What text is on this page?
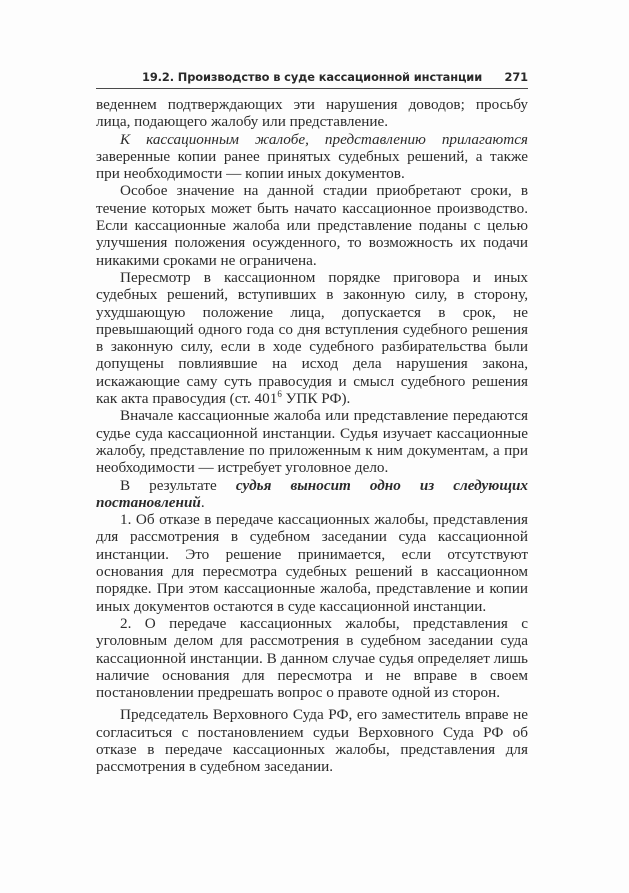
19.2. Производство в суде кассационной инстанции 271

веденнем подтверждающих эти нарушения доводов; просьбу лица, подающего жалобу или представление.

К кассационным жалобе, представлению прилагаются заверенные копии ранее принятых судебных решений, а также при необходимости — копии иных документов.

Особое значение на данной стадии приобретают сроки, в течение которых может быть начато кассационное производство. Если кассационные жалоба или представление поданы с целью улучшения положения осужденного, то возможность их подачи никакими сроками не ограничена.

Пересмотр в кассационном порядке приговора и иных судебных решений, вступивших в законную силу, в сторону, ухудшающую положение лица, допускается в срок, не превышающий одного года со дня вступления судебного решения в законную силу, если в ходе судебного разбирательства были допущены повлиявшие на исход дела нарушения закона, искажающие саму суть правосудия и смысл судебного решения как акта правосудия (ст. $401^6$ УПК РФ).

Вначале кассационные жалоба или представление передаются судье суда кассационной инстанции. Судья изучает кассационные жалобу, представление по приложенным к ним документам, а при необходимости — истребует уголовное дело.

В результате судья выносит одно из следующих постановлений.

1. Об отказе в передаче кассационных жалобы, представления для рассмотрения в судебном заседании суда кассационной инстанции. Это решение принимается, если отсутствуют основания для пересмотра судебных решений в кассационном порядке. При этом кассационные жалоба, представление и копии иных документов остаются в суде кассационной инстанции.

2. О передаче кассационных жалобы, представления с уголовным делом для рассмотрения в судебном заседании суда кассационной инстанции. В данном случае судья определяет лишь наличие основания для пересмотра и не вправе в своем постановлении предрешать вопрос о правоте одной из сторон.

Председатель Верховного Суда РФ, его заместитель вправе не согласиться с постановлением судьи Верховного Суда РФ об отказе в передаче кассационных жалобы, представления для рассмотрения в судебном заседании.
